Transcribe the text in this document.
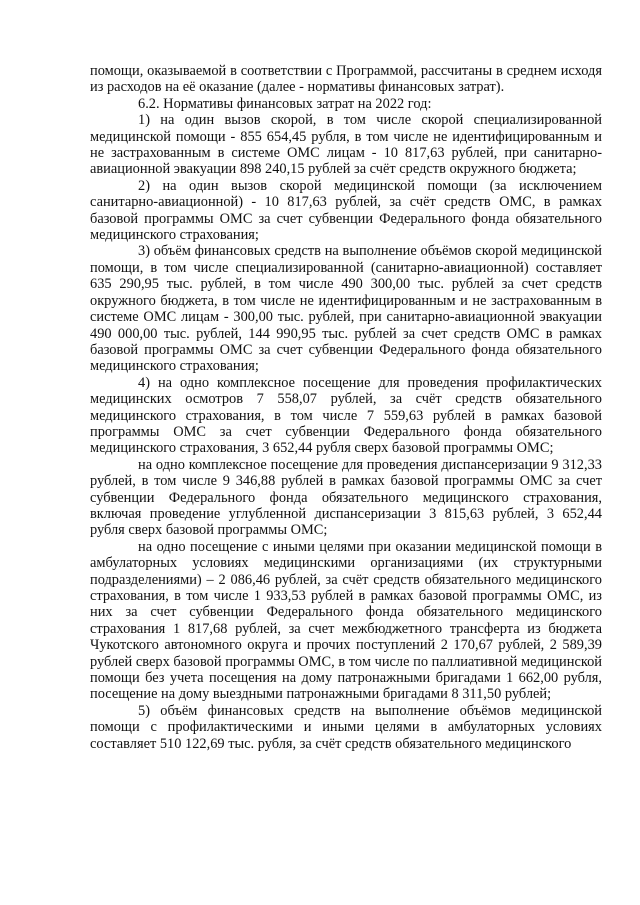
помощи, оказываемой в соответствии с Программой, рассчитаны в среднем исходя из расходов на её оказание (далее - нормативы финансовых затрат).

6.2. Нормативы финансовых затрат на 2022 год:

1) на один вызов скорой, в том числе скорой специализированной медицинской помощи - 855 654,45 рубля, в том числе не идентифицированным и не застрахованным в системе ОМС лицам - 10 817,63 рублей, при санитарно-авиационной эвакуации 898 240,15 рублей за счёт средств окружного бюджета;

2) на один вызов скорой медицинской помощи (за исключением санитарно-авиационной) - 10 817,63 рублей, за счёт средств ОМС, в рамках базовой программы ОМС за счет субвенции Федерального фонда обязательного медицинского страхования;

3) объём финансовых средств на выполнение объёмов скорой медицинской помощи, в том числе специализированной (санитарно-авиационной) составляет 635 290,95 тыс. рублей, в том числе 490 300,00 тыс. рублей за счет средств окружного бюджета, в том числе не идентифицированным и не застрахованным в системе ОМС лицам - 300,00 тыс. рублей, при санитарно-авиационной эвакуации 490 000,00 тыс. рублей, 144 990,95 тыс. рублей за счет средств ОМС в рамках базовой программы ОМС за счет субвенции Федерального фонда обязательного медицинского страхования;

4) на одно комплексное посещение для проведения профилактических медицинских осмотров 7 558,07 рублей, за счёт средств обязательного медицинского страхования, в том числе 7 559,63 рублей в рамках базовой программы ОМС за счет субвенции Федерального фонда обязательного медицинского страхования, 3 652,44 рубля сверх базовой программы ОМС;

на одно комплексное посещение для проведения диспансеризации 9 312,33 рублей, в том числе 9 346,88 рублей в рамках базовой программы ОМС за счет субвенции Федерального фонда обязательного медицинского страхования, включая проведение углубленной диспансеризации 3 815,63 рублей, 3 652,44 рубля сверх базовой программы ОМС;

на одно посещение с иными целями при оказании медицинской помощи в амбулаторных условиях медицинскими организациями (их структурными подразделениями) – 2 086,46 рублей, за счёт средств обязательного медицинского страхования, в том числе 1 933,53 рублей в рамках базовой программы ОМС, из них за счет субвенции Федерального фонда обязательного медицинского страхования 1 817,68 рублей, за счет межбюджетного трансферта из бюджета Чукотского автономного округа и прочих поступлений 2 170,67 рублей, 2 589,39 рублей сверх базовой программы ОМС, в том числе по паллиативной медицинской помощи без учета посещения на дому патронажными бригадами 1 662,00 рубля, посещение на дому выездными патронажными бригадами 8 311,50 рублей;

5) объём финансовых средств на выполнение объёмов медицинской помощи с профилактическими и иными целями в амбулаторных условиях составляет 510 122,69 тыс. рубля, за счёт средств обязательного медицинского
